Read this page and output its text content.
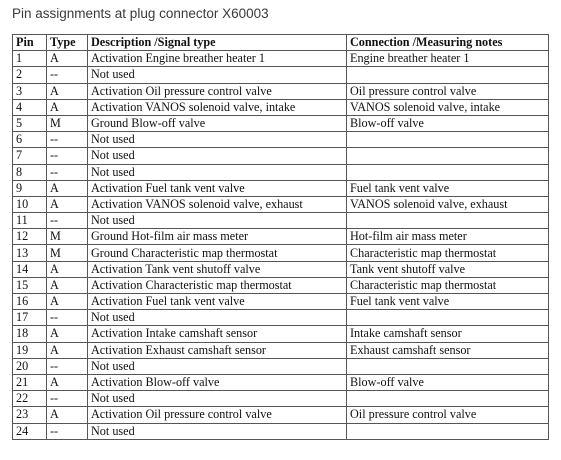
Pin assignments at plug connector X60003
Pin	Type	Description /Signal type	Connection /Measuring notes
1	A	Activation Engine breather heater 1	Engine breather heater 1
2	--	Not used	
3	A	Activation Oil pressure control valve	Oil pressure control valve
4	A	Activation VANOS solenoid valve, intake	VANOS solenoid valve, intake
5	M	Ground Blow-off valve	Blow-off valve
6	--	Not used	
7	--	Not used	
8	--	Not used	
9	A	Activation Fuel tank vent valve	Fuel tank vent valve
10	A	Activation VANOS solenoid valve, exhaust	VANOS solenoid valve, exhaust
11	--	Not used	
12	M	Ground Hot-film air mass meter	Hot-film air mass meter
13	M	Ground Characteristic map thermostat	Characteristic map thermostat
14	A	Activation Tank vent shutoff valve	Tank vent shutoff valve
15	A	Activation Characteristic map thermostat	Characteristic map thermostat
16	A	Activation Fuel tank vent valve	Fuel tank vent valve
17	--	Not used	
18	A	Activation Intake camshaft sensor	Intake camshaft sensor
19	A	Activation Exhaust camshaft sensor	Exhaust camshaft sensor
20	--	Not used	
21	A	Activation Blow-off valve	Blow-off valve
22	--	Not used	
23	A	Activation Oil pressure control valve	Oil pressure control valve
24	--	Not used	
